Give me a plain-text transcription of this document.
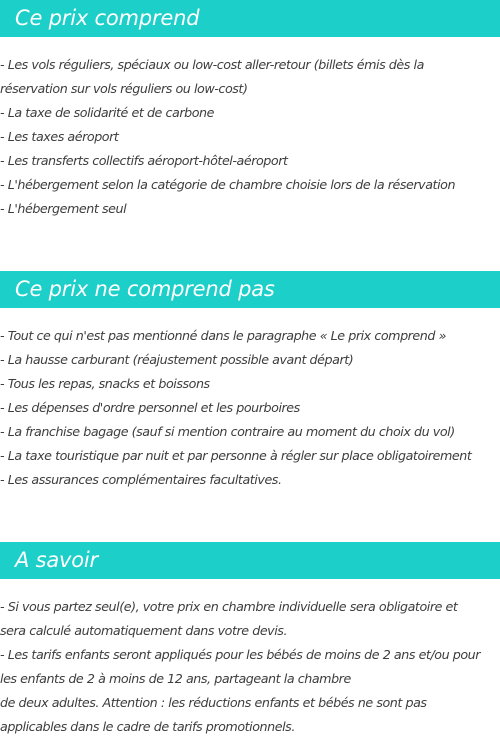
Ce prix comprend
- Les vols réguliers, spéciaux ou low-cost aller-retour (billets émis dès la
réservation sur vols réguliers ou low-cost)
- La taxe de solidarité et de carbone
- Les taxes aéroport
- Les transferts collectifs aéroport-hôtel-aéroport
- L'hébergement selon la catégorie de chambre choisie lors de la réservation
- L'hébergement seul
Ce prix ne comprend pas
- Tout ce qui n'est pas mentionné dans le paragraphe « Le prix comprend »
- La hausse carburant (réajustement possible avant départ)
- Tous les repas, snacks et boissons
- Les dépenses d'ordre personnel et les pourboires
- La franchise bagage (sauf si mention contraire au moment du choix du vol)
- La taxe touristique par nuit et par personne à régler sur place obligatoirement
- Les assurances complémentaires facultatives.
A savoir
- Si vous partez seul(e), votre prix en chambre individuelle sera obligatoire et
sera calculé automatiquement dans votre devis.
- Les tarifs enfants seront appliqués pour les bébés de moins de 2 ans et/ou pour
les enfants de 2 à moins de 12 ans, partageant la chambre
de deux adultes. Attention : les réductions enfants et bébés ne sont pas
applicables dans le cadre de tarifs promotionnels.
